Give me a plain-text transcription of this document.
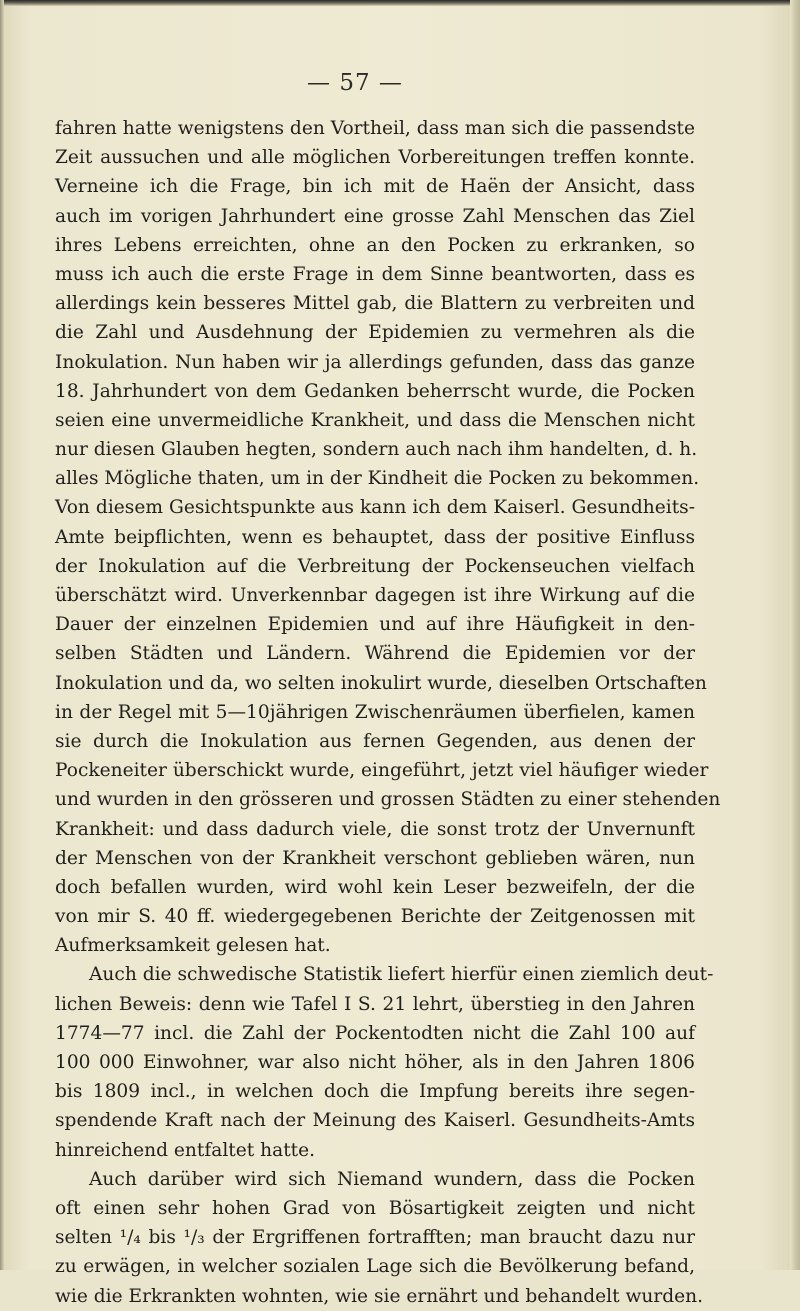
— 57 —
fahren hatte wenigstens den Vortheil, dass man sich die passendste
Zeit aussuchen und alle möglichen Vorbereitungen treffen konnte.
Verneine ich die Frage, bin ich mit de Haën der Ansicht, dass
auch im vorigen Jahrhundert eine grosse Zahl Menschen das Ziel
ihres Lebens erreichten, ohne an den Pocken zu erkranken, so
muss ich auch die erste Frage in dem Sinne beantworten, dass es
allerdings kein besseres Mittel gab, die Blattern zu verbreiten und
die Zahl und Ausdehnung der Epidemien zu vermehren als die
Inokulation. Nun haben wir ja allerdings gefunden, dass das ganze
18. Jahrhundert von dem Gedanken beherrscht wurde, die Pocken
seien eine unvermeidliche Krankheit, und dass die Menschen nicht
nur diesen Glauben hegten, sondern auch nach ihm handelten, d. h.
alles Mögliche thaten, um in der Kindheit die Pocken zu bekommen.
Von diesem Gesichtspunkte aus kann ich dem Kaiserl. Gesundheits-
Amte beipflichten, wenn es behauptet, dass der positive Einfluss
der Inokulation auf die Verbreitung der Pockenseuchen vielfach
überschätzt wird. Unverkennbar dagegen ist ihre Wirkung auf die
Dauer der einzelnen Epidemien und auf ihre Häufigkeit in den-
selben Städten und Ländern. Während die Epidemien vor der
Inokulation und da, wo selten inokulirt wurde, dieselben Ortschaften
in der Regel mit 5—10jährigen Zwischenräumen überfielen, kamen
sie durch die Inokulation aus fernen Gegenden, aus denen der
Pockeneiter überschickt wurde, eingeführt, jetzt viel häufiger wieder
und wurden in den grösseren und grossen Städten zu einer stehenden
Krankheit: und dass dadurch viele, die sonst trotz der Unvernunft
der Menschen von der Krankheit verschont geblieben wären, nun
doch befallen wurden, wird wohl kein Leser bezweifeln, der die
von mir S. 40 ff. wiedergegebenen Berichte der Zeitgenossen mit
Aufmerksamkeit gelesen hat.
Auch die schwedische Statistik liefert hierfür einen ziemlich deut-
lichen Beweis: denn wie Tafel I S. 21 lehrt, überstieg in den Jahren
1774—77 incl. die Zahl der Pockentodten nicht die Zahl 100 auf
100 000 Einwohner, war also nicht höher, als in den Jahren 1806
bis 1809 incl., in welchen doch die Impfung bereits ihre segen-
spendende Kraft nach der Meinung des Kaiserl. Gesundheits-Amts
hinreichend entfaltet hatte.
Auch darüber wird sich Niemand wundern, dass die Pocken
oft einen sehr hohen Grad von Bösartigkeit zeigten und nicht
selten ¹/₄ bis ¹/₃ der Ergriffenen fortrafften; man braucht dazu nur
zu erwägen, in welcher sozialen Lage sich die Bevölkerung befand,
wie die Erkrankten wohnten, wie sie ernährt und behandelt wurden.
